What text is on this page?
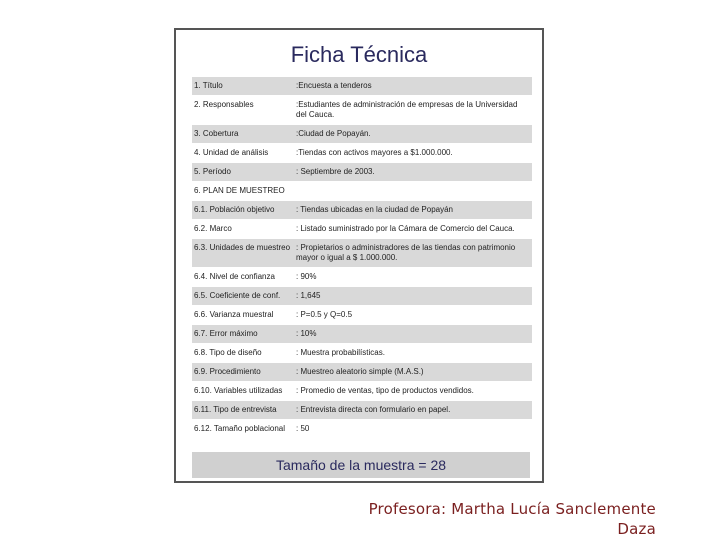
Ficha Técnica
1. Título	:Encuesta a tenderos
2. Responsables	:Estudiantes de administración de empresas de la Universidad del Cauca.
3. Cobertura	:Ciudad de Popayán.
4. Unidad de análisis	:Tiendas con activos mayores a $1.000.000.
5. Período	: Septiembre de 2003.
6. PLAN DE MUESTREO
6.1. Población objetivo	: Tiendas ubicadas en la ciudad de Popayán
6.2. Marco	: Listado suministrado por la Cámara de Comercio del Cauca.
6.3. Unidades de muestreo : Propietarios o administradores de las tiendas con patrimonio mayor o igual a $ 1.000.000.
6.4. Nivel de confianza	: 90%
6.5. Coeficiente de conf.	: 1,645
6.6. Varianza muestral	: P=0.5 y Q=0.5
6.7. Error máximo	: 10%
6.8. Tipo de diseño	: Muestra probabilísticas.
6.9. Procedimiento	: Muestreo aleatorio simple (M.A.S.)
6.10. Variables utilizadas	: Promedio de ventas, tipo de productos vendidos.
6.11. Tipo de entrevista	: Entrevista directa con formulario en papel.
6.12. Tamaño poblacional	: 50
Tamaño de la muestra = 28
Profesora: Martha Lucía Sanclemente
Daza
